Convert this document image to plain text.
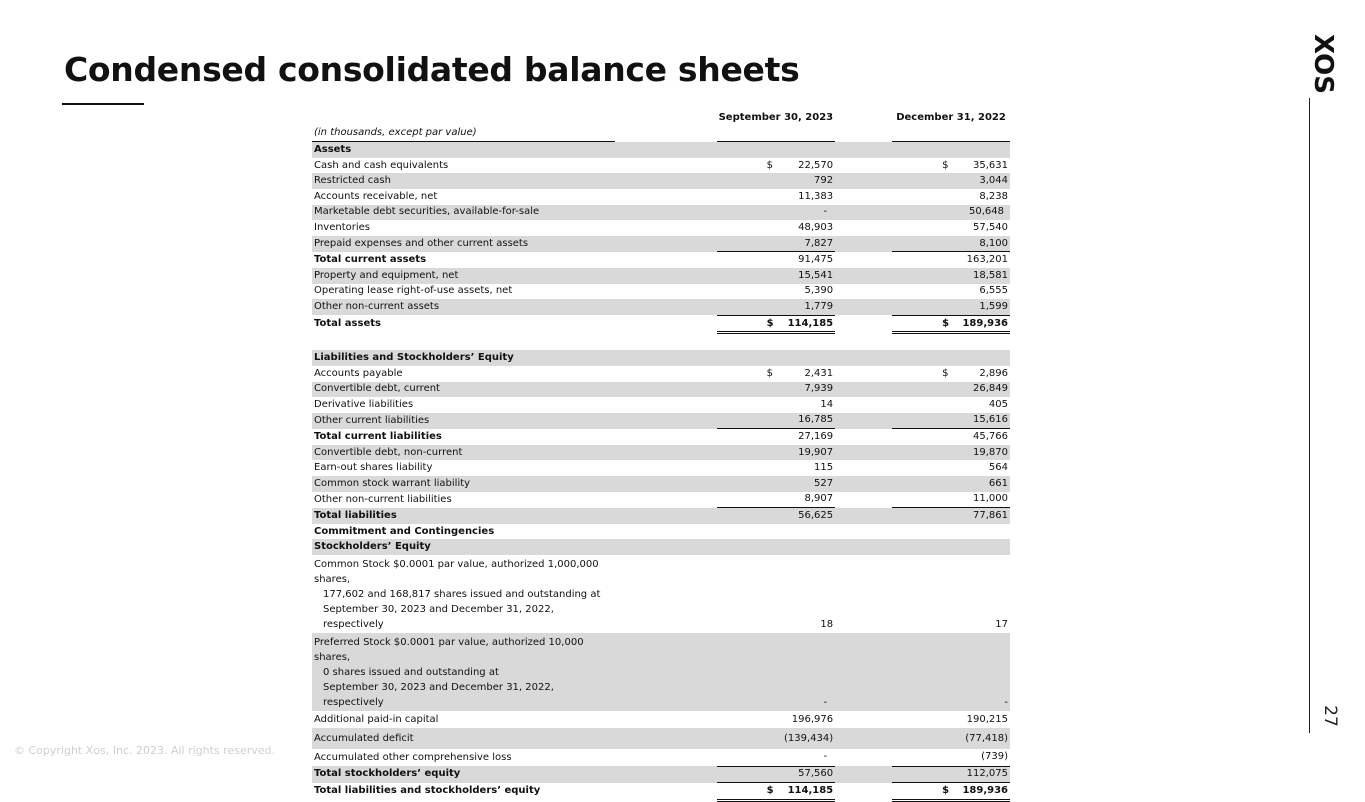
Condensed consolidated balance sheets	XOS
27
© Copyright Xos, Inc. 2023. All rights reserved.
		September 30, 2023		December 31, 2022
(in thousands, except par value)				
Assets				
Cash and cash equivalents		$ 22,570		$ 35,631

Restricted cash		792		3,044

Accounts receivable, net		11,383		8,238

Marketable debt securities, available-for-sale		-		50,648

Inventories		48,903		57,540

Prepaid expenses and other current assets		7,827		8,100

Total current assets		91,475		163,201

Property and equipment, net		15,541		18,581

Operating lease right-of-use assets, net		5,390		6,555

Other non-current assets		1,779		1,599

Total assets		$ 114,185		$ 189,936

Liabilities and Stockholders’ Equity				
Accounts payable		$ 2,431		$ 2,896

Convertible debt, current		7,939		26,849

Derivative liabilities		14		405

Other current liabilities		16,785		15,616

Total current liabilities		27,169		45,766

Convertible debt, non-current		19,907		19,870

Earn-out shares liability		115		564

Common stock warrant liability		527		661

Other non-current liabilities		8,907		11,000

Total liabilities		56,625		77,861

Commitment and Contingencies				
Stockholders’ Equity				

Common Stock $0.0001 par value, authorized 1,000,000 shares,
177,602 and 168,817 shares issued and outstanding at
September 30, 2023 and December 31, 2022, respectively		18		17

Preferred Stock $0.0001 par value, authorized 10,000 shares,
0 shares issued and outstanding at
September 30, 2023 and December 31, 2022, respectively		-		-

Additional paid-in capital		196,976		190,215

Accumulated deficit		(139,434)		(77,418)

Accumulated other comprehensive loss		-		(739)

Total stockholders’ equity		57,560		112,075

Total liabilities and stockholders’ equity		$ 114,185		$ 189,936
